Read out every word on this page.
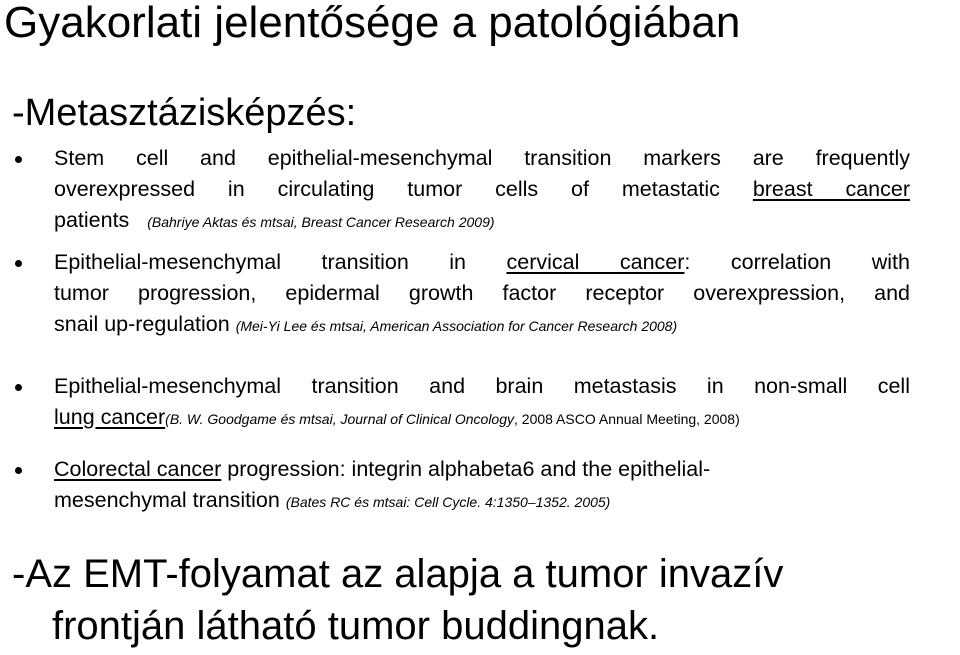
Gyakorlati jelentősége a patológiában
-Metasztázisképzés:
Stem cell and epithelial-mesenchymal transition markers are frequently
overexpressed in circulating tumor cells of metastatic breast cancer
patients (Bahriye Aktas és mtsai, Breast Cancer Research 2009)
Epithelial-mesenchymal transition in cervical cancer: correlation with
tumor progression, epidermal growth factor receptor overexpression, and
snail up-regulation (Mei-Yi Lee és mtsai, American Association for Cancer Research 2008)
Epithelial-mesenchymal transition and brain metastasis in non-small cell
lung cancer(B. W. Goodgame és mtsai, Journal of Clinical Oncology, 2008 ASCO Annual Meeting, 2008)
Colorectal cancer progression: integrin alphabeta6 and the epithelial-
mesenchymal transition (Bates RC és mtsai: Cell Cycle. 4:1350–1352. 2005)

-Az EMT-folyamat az alapja a tumor invazív
frontján látható tumor buddingnak.
